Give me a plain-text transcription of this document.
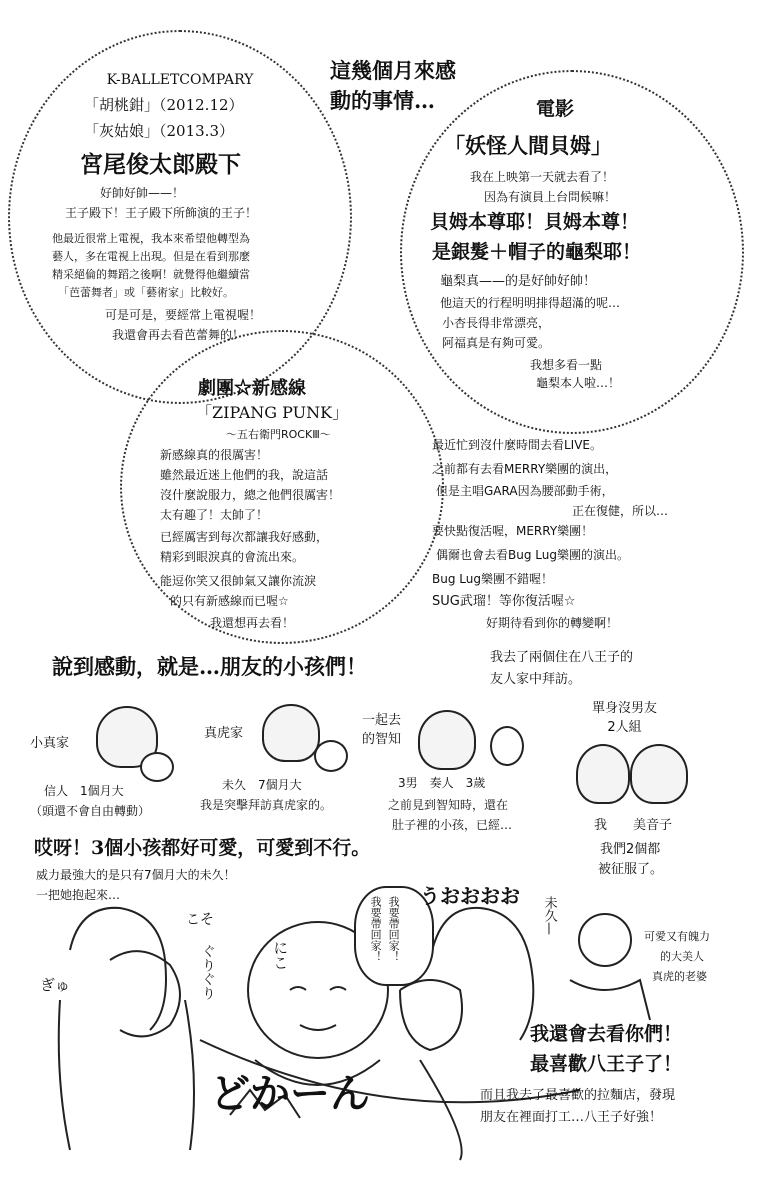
這幾個月來感
動的事情…
K-BALLETCOMPARY
「胡桃鉗」（2012.12）
「灰姑娘」（2013.3）
宮尾俊太郎殿下
好帥好帥——！
王子殿下！王子殿下所飾演的王子！
他最近很常上電視，我本來希望他轉型為
藝人，多在電視上出現。但是在看到那麼
精采絕倫的舞蹈之後啊！就覺得他繼續當
「芭蕾舞者」或「藝術家」比較好。
可是可是，要經常上電視喔！
我還會再去看芭蕾舞的！
電影
「妖怪人間貝姆」
我在上映第一天就去看了！
因為有演員上台問候嘛！
貝姆本尊耶！貝姆本尊！
是銀髮＋帽子的龜梨耶！
龜梨真——的是好帥好帥！
他這天的行程明明排得超滿的呢…
小杏長得非常漂亮，
阿福真是有夠可愛。
我想多看一點
龜梨本人啦…！
劇團☆新感線
「ZIPANG PUNK」
～五右衛門ROCKⅢ～
新感線真的很厲害！
雖然最近迷上他們的我，說這話
沒什麼說服力，總之他們很厲害！
太有趣了！太帥了！
已經厲害到每次都讓我好感動，
精彩到眼淚真的會流出來。
能逗你笑又很帥氣又讓你流淚
的只有新感線而已喔☆
我還想再去看！
最近忙到沒什麼時間去看LIVE。
之前都有去看MERRY樂團的演出，
但是主唱GARA因為腰部動手術，
正在復健，所以…
要快點復活喔，MERRY樂團！
偶爾也會去看Bug Lug樂團的演出。
Bug Lug樂團不錯喔！
SUG武瑠！等你復活喔☆
好期待看到你的轉變啊！
說到感動，就是…朋友的小孩們！	我去了兩個住在八王子的
友人家中拜訪。
小真家
真虎家
一起去
的智知
單身沒男友
2人組
信人　1個月大
（頭還不會自由轉動）
未久　7個月大
我是突擊拜訪真虎家的。
3男　奏人　3歲
之前見到智知時，還在
肚子裡的小孩，已經…	我　　美音子
我們2個都
被征服了。
哎呀！3個小孩都好可愛，可愛到不行。
威力最強大的是只有7個月大的未久！
一把她抱起來…
こそ
ぐりぐり
ぎゅ
にこ	我要帶回家！
我要帶回家！ うおおおお 未久—
可愛又有魄力
的大美人
真虎的老婆
どかーん
我還會去看你們！
最喜歡八王子了！
而且我去了最喜歡的拉麵店，發現
朋友在裡面打工…八王子好強！
